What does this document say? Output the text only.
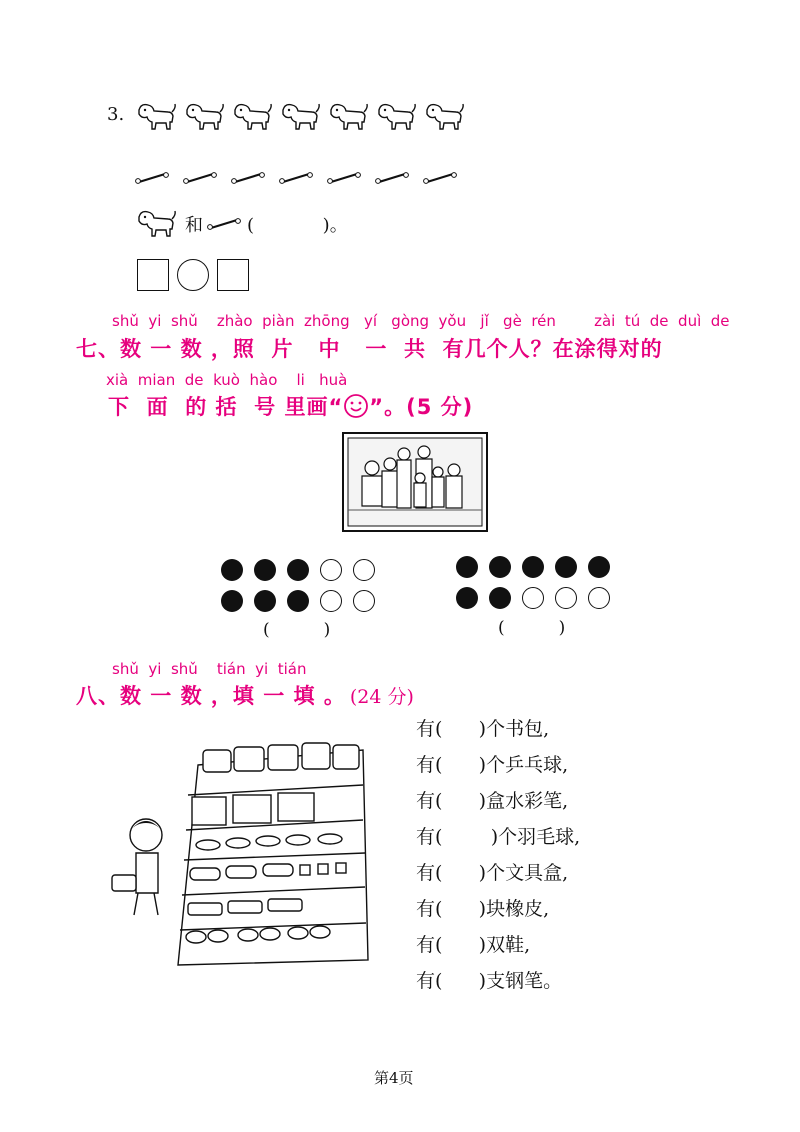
3.
和 (            )。
shǔ  yi  shǔ    zhào  piàn  zhōng   yí   gòng  yǒu   jǐ   gè  rén        zài  tú  de  duì  de
七、数 一 数 ，照  片   中   一  共  有几个人？在涂得对的
xià  mian  de  kuò  hào    li   huà
下  面  的 括  号 里画“ ”。(5 分)
(          )	(          )
shǔ  yi  shǔ    tián  yi  tián
八、数 一 数 ，填 一 填 。 (24 分)
有(      )个书包,
有(      )个乒乓球,
有(      )盒水彩笔,
有(        )个羽毛球,
有(      )个文具盒,
有(      )块橡皮,
有(      )双鞋,
有(      )支钢笔。
第4页
